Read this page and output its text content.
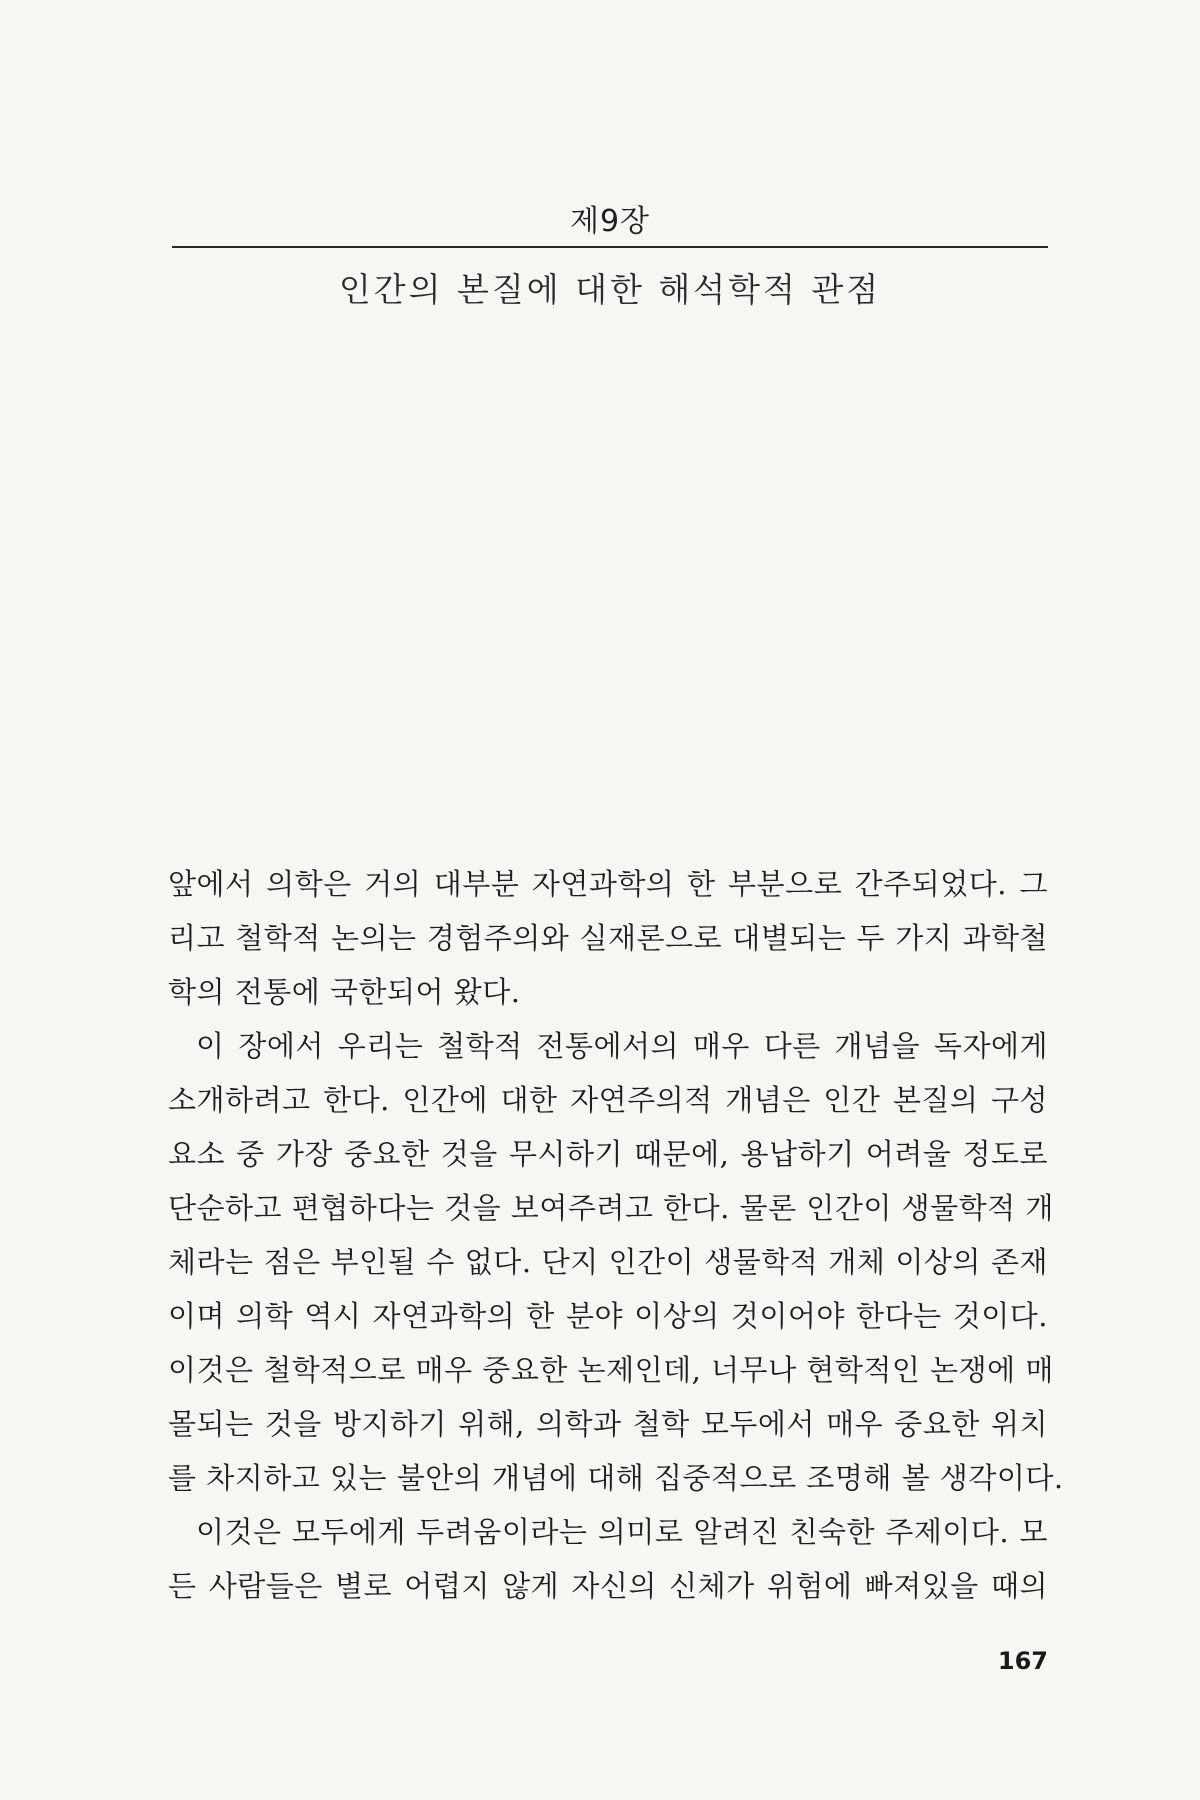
제9장
인간의 본질에 대한 해석학적 관점
앞에서 의학은 거의 대부분 자연과학의 한 부분으로 간주되었다. 그
리고 철학적 논의는 경험주의와 실재론으로 대별되는 두 가지 과학철
학의 전통에 국한되어 왔다.
이 장에서 우리는 철학적 전통에서의 매우 다른 개념을 독자에게
소개하려고 한다. 인간에 대한 자연주의적 개념은 인간 본질의 구성
요소 중 가장 중요한 것을 무시하기 때문에, 용납하기 어려울 정도로
단순하고 편협하다는 것을 보여주려고 한다. 물론 인간이 생물학적 개
체라는 점은 부인될 수 없다. 단지 인간이 생물학적 개체 이상의 존재
이며 의학 역시 자연과학의 한 분야 이상의 것이어야 한다는 것이다.
이것은 철학적으로 매우 중요한 논제인데, 너무나 현학적인 논쟁에 매
몰되는 것을 방지하기 위해, 의학과 철학 모두에서 매우 중요한 위치
를 차지하고 있는 불안의 개념에 대해 집중적으로 조명해 볼 생각이다.
이것은 모두에게 두려움이라는 의미로 알려진 친숙한 주제이다. 모
든 사람들은 별로 어렵지 않게 자신의 신체가 위험에 빠져있을 때의
167
